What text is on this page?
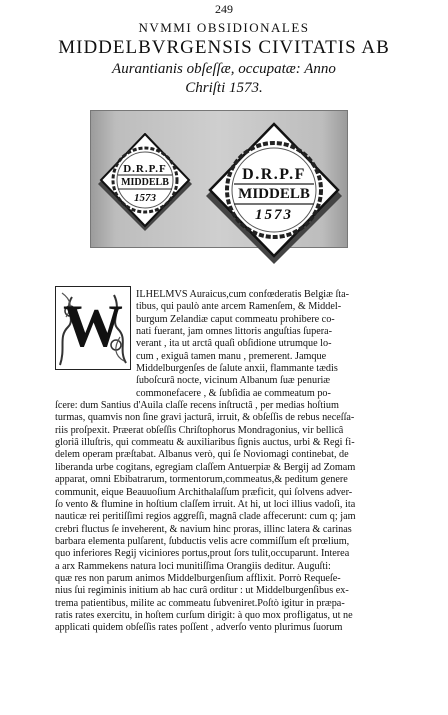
249
NVMMI OBSIDIONALES
MIDDELBVRGENSIS CIVITATIS AB
Aurantianis obſeſſæ, occupatæ: Anno
Chriſti 1573.
D.R.P.F
MIDDELB
1573
D.R.P.F
MIDDELB
1573
W	ILHELMVS Auraicus,cum confœderatis Belgiæ ſta-
tibus, qui paulò ante arcem Ramenſem, & Middel-
burgum Zelandiæ caput commeatu prohibere co-
nati fuerant, jam omnes littoris anguſtias ſupera-
verant , ita ut arctâ quaſi obſidione utrumque lo-
cum , exiguâ tamen manu , premerent. Jamque
Middelburgenſes de ſalute anxii, flammante tædis
ſuboſcurâ nocte, vicinum Albanum ſuæ penuriæ
commonefacere , & ſubſidia ae commeatum po-
ſcere: dum Santius d'Auila claſſe recens inſtructâ , per medias hoſtium
turmas, quamvis non ſine gravi jacturâ, irruit, & obſeſſis de rebus neceſſa-
riis proſpexit. Præerat obſeſſis Chriſtophorus Mondragonius, vir bellicâ
gloriâ illuſtris, qui commeatu & auxiliaribus ſignis auctus, urbi & Regi fi-
delem operam præſtabat. Albanus verò, qui ſe Noviomagi continebat, de
liberanda urbe cogitans, egregiam claſſem Antuerpiæ & Bergij ad Zomam
apparat, omni Ebibatrarum, tormentorum,commeatus,& peditum genere
communit, eique Beauuoſium Archithalaſſum præficit, qui ſolvens adver-
ſo vento & flumine in hoſtium claſſem irruit. At hi, ut loci illius vadoſi, ita
nauticæ rei peritiſſimi regios aggreſſi, magnâ clade affecerunt: cum q; jam
crebri fluctus ſe inveherent, & navium hinc proras, illinc latera & carinas
barbara elementa pulſarent, ſubductis velis acre commiſſum eſt prœlium,
quo inferiores Regij viciniores portus,prout ſors tulit,occuparunt. Interea
a arx Rammekens natura loci munitiſſima Orangiis deditur. Auguſti:
quæ res non parum animos Middelburgenſium afflixit. Porrò Requeſe-
nius ſui regiminis initium ab hac curâ orditur : ut Middelburgenſibus ex-
trema patientibus, milite ac commeatu ſubveniret.Poſtò igitur in præpa-
ratis rates exercitu, in hoſtem curſum dirigit: à quo mox profligatus, ut ne
applicati quidem obſeſſis rates poſſent , adverſo vento plurimus ſuorum
